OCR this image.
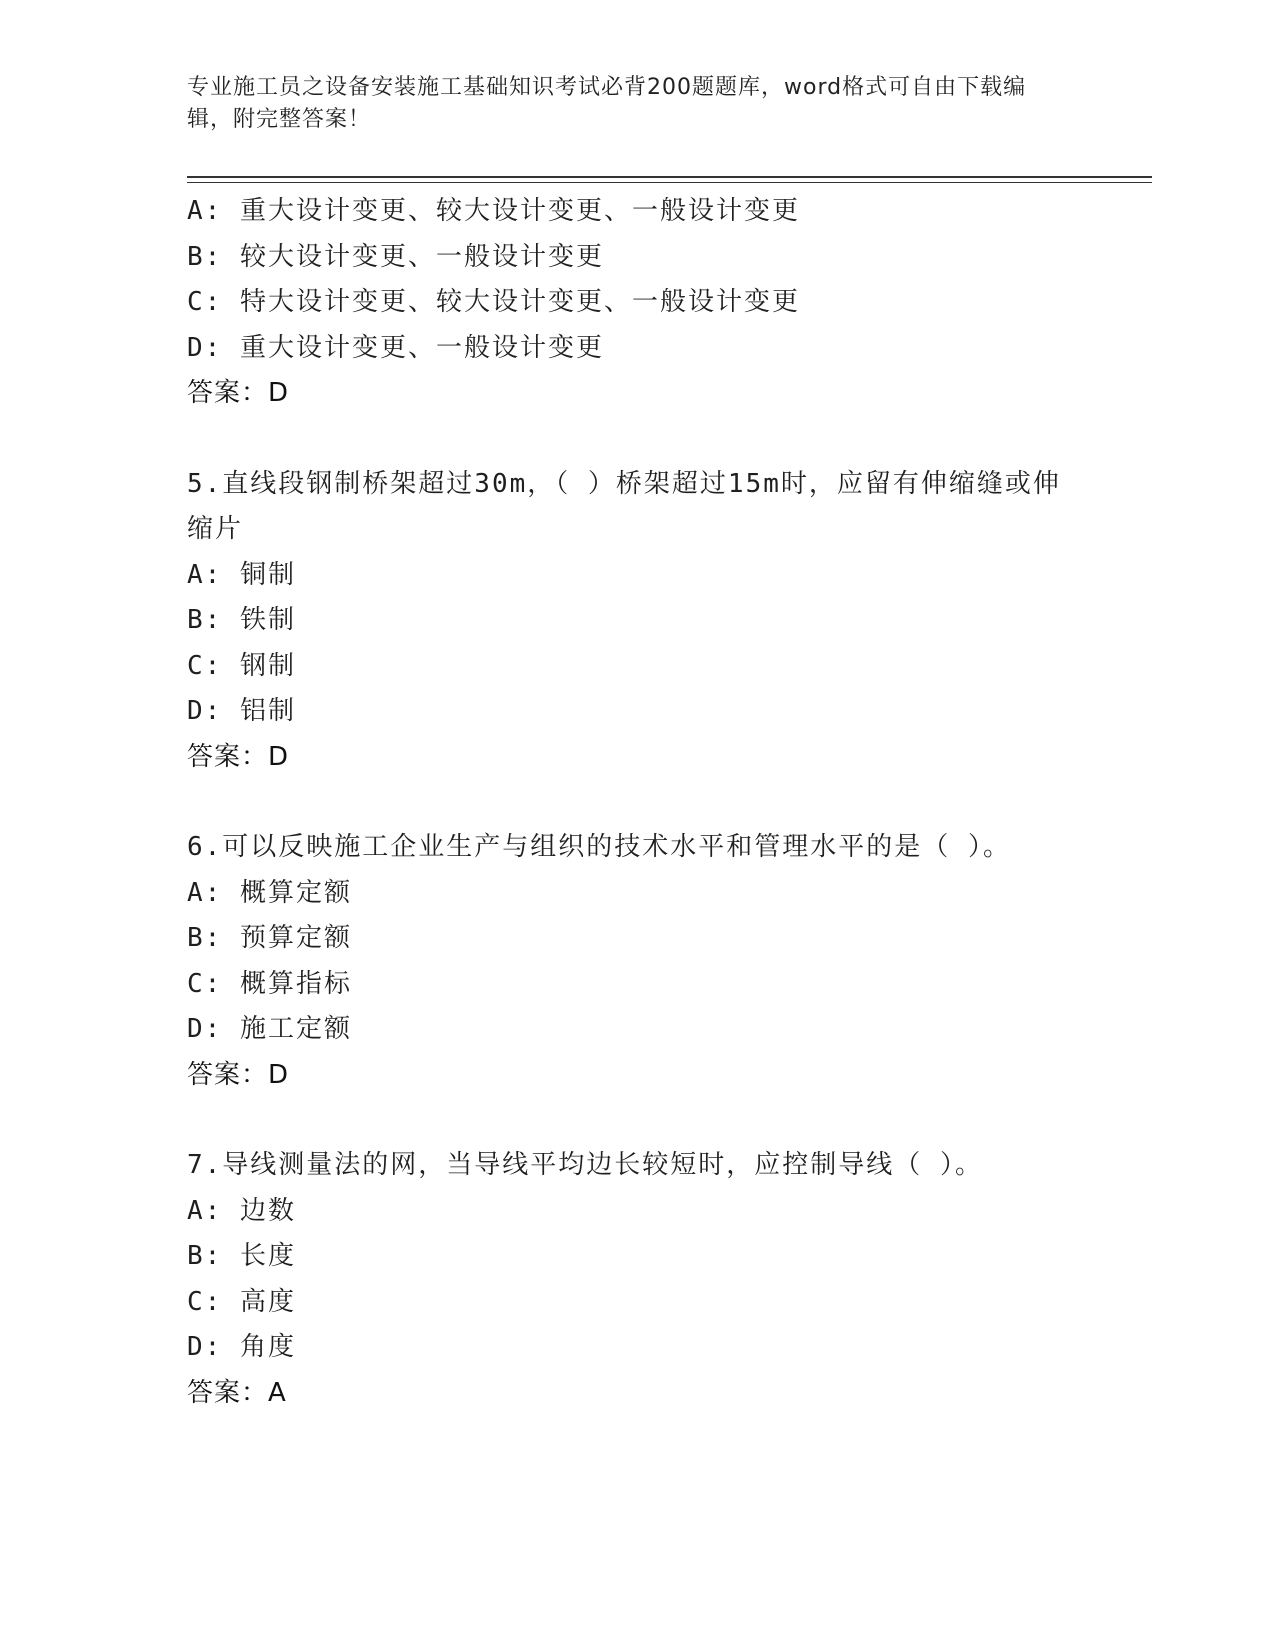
专业施工员之设备安装施工基础知识考试必背200题题库，word格式可自由下载编辑，附完整答案！
A: 重大设计变更、较大设计变更、一般设计变更
B: 较大设计变更、一般设计变更
C: 特大设计变更、较大设计变更、一般设计变更
D: 重大设计变更、一般设计变更
答案：D
5.直线段钢制桥架超过30m，（ ）桥架超过15m时，应留有伸缩缝或伸缩片
A: 铜制
B: 铁制
C: 钢制
D: 铝制
答案：D
6.可以反映施工企业生产与组织的技术水平和管理水平的是（ ）。
A: 概算定额
B: 预算定额
C: 概算指标
D: 施工定额
答案：D
7.导线测量法的网，当导线平均边长较短时，应控制导线（ ）。
A: 边数
B: 长度
C: 高度
D: 角度
答案：A
